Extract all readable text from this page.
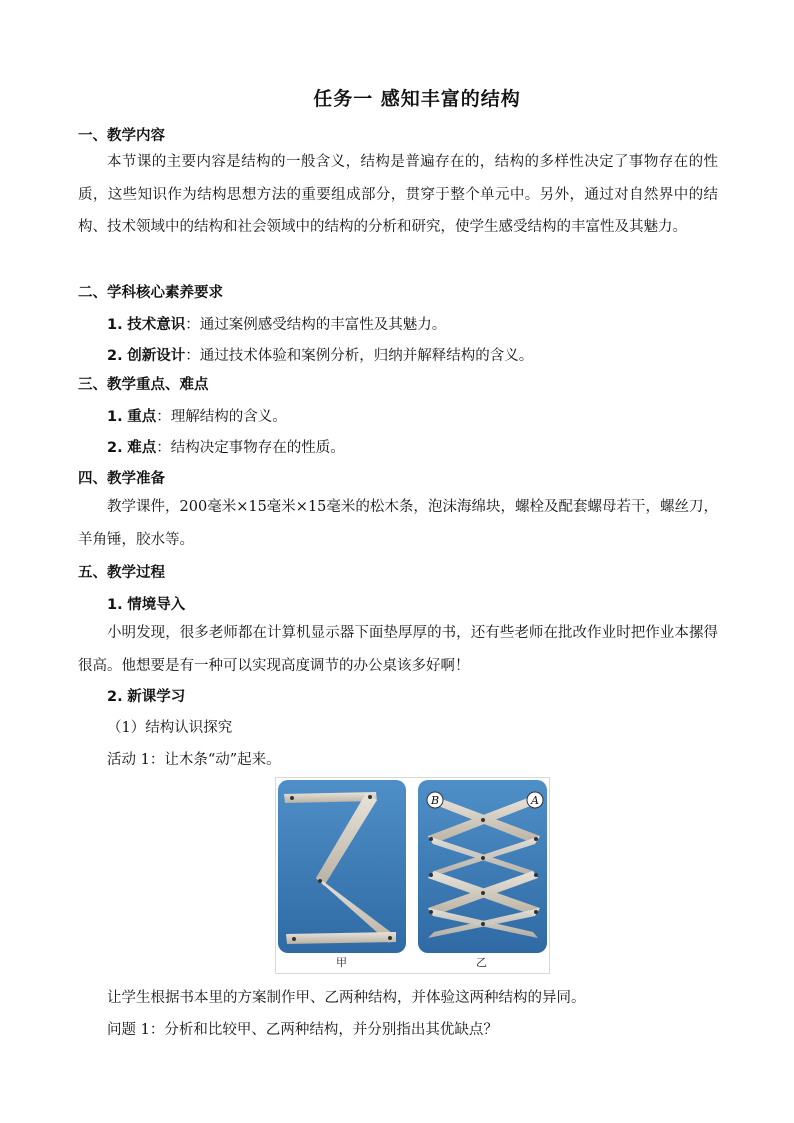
任务一 感知丰富的结构
一、教学内容
本节课的主要内容是结构的一般含义，结构是普遍存在的，结构的多样性决定了事物存在的性质，这些知识作为结构思想方法的重要组成部分，贯穿于整个单元中。另外，通过对自然界中的结构、技术领域中的结构和社会领域中的结构的分析和研究，使学生感受结构的丰富性及其魅力。
二、学科核心素养要求
1. 技术意识：通过案例感受结构的丰富性及其魅力。
2. 创新设计：通过技术体验和案例分析，归纳并解释结构的含义。
三、教学重点、难点
1. 重点：理解结构的含义。
2. 难点：结构决定事物存在的性质。
四、教学准备
教学课件，200毫米×15毫米×15毫米的松木条，泡沫海绵块，螺栓及配套螺母若干，螺丝刀，羊角锤，胶水等。
五、教学过程
1. 情境导入
小明发现，很多老师都在计算机显示器下面垫厚厚的书，还有些老师在批改作业时把作业本摞得很高。他想要是有一种可以实现高度调节的办公桌该多好啊！
2. 新课学习
（1）结构认识探究
活动 1：让木条“动”起来。
B	A
甲	乙
让学生根据书本里的方案制作甲、乙两种结构，并体验这两种结构的异同。
问题 1：分析和比较甲、乙两种结构，并分别指出其优缺点？
